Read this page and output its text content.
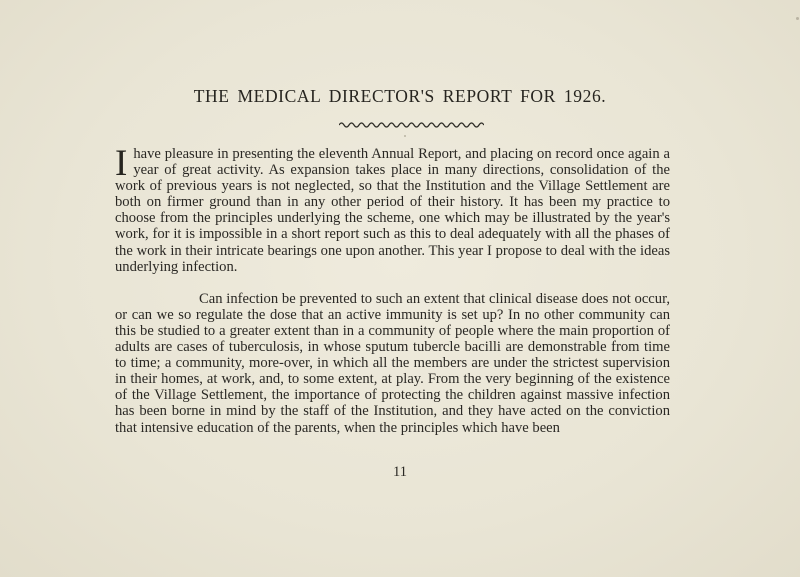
THE MEDICAL DIRECTOR'S REPORT FOR 1926.

Ihave pleasure in presenting the eleventh Annual Report, and placing on record once again a year of great activity. As expansion takes place in many directions, consolidation of the work of previous years is not neglected, so that the Institution and the Village Settlement are both on firmer ground than in any other period of their history. It has been my practice to choose from the principles underlying the scheme, one which may be illustrated by the year's work, for it is impossible in a short report such as this to deal adequately with all the phases of the work in their intricate bearings one upon another. This year I propose to deal with the ideas underlying infection.

Can infection be prevented to such an extent that clinical disease does not occur, or can we so regulate the dose that an active immunity is set up? In no other community can this be studied to a greater extent than in a community of people where the main proportion of adults are cases of tuberculosis, in whose sputum tubercle bacilli are demonstrable from time to time; a community, more-over, in which all the members are under the strictest supervision in their homes, at work, and, to some extent, at play. From the very beginning of the existence of the Village Settlement, the importance of protecting the children against massive infection has been borne in mind by the staff of the Institution, and they have acted on the conviction that intensive education of the parents, when the principles which have been

11
